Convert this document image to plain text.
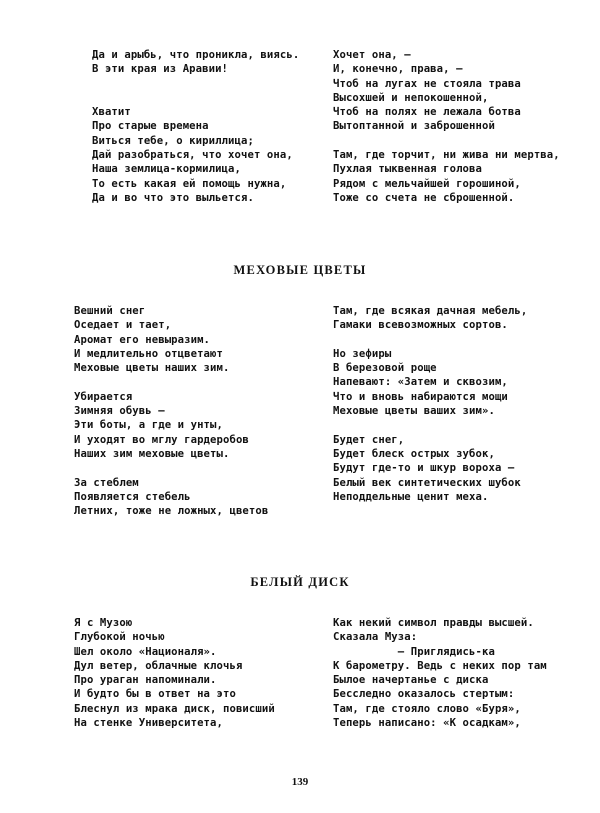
Да и арыбь, что проникла, виясь.
В эти края из Аравии!

Хватит
Про старые времена
Виться тебе, о кириллица;
Дай разобраться, что хочет она,
Наша землица-кормилица,
То есть какая ей помощь нужна,
Да и во что это выльется.
Хочет она, —
И, конечно, права, —
Чтоб на лугах не стояла трава
Высохшей и непокошенной,
Чтоб на полях не лежала ботва
Вытоптанной и заброшенной

Там, где торчит, ни жива ни мертва,
Пухлая тыквенная голова
Рядом с мельчайшей горошиной,
Тоже со счета не сброшенной.
МЕХОВЫЕ ЦВЕТЫ
Вешний снег
Оседает и тает,
Аромат его невыразим.
И медлительно отцветают
Меховые цветы наших зим.

Убирается
Зимняя обувь —
Эти боты, а где и унты,
И уходят во мглу гардеробов
Наших зим меховые цветы.

За стеблем
Появляется стебель
Летних, тоже не ложных, цветов
Там, где всякая дачная мебель,
Гамаки всевозможных сортов.

Но зефиры
В березовой роще
Напевают: «Затем и сквозим,
Что и вновь набираются мощи
Меховые цветы ваших зим».

Будет снег,
Будет блеск острых зубок,
Будут где-то и шкур ворoха —
Белый век синтетических шубок
Неподдельные ценит меха.
БЕЛЫЙ ДИСК
Я с Музою
Глубокой ночью
Шел около «Националя».
Дул ветер, облачные клочья
Про ураган напоминали.
И будто бы в ответ на это
Блеснул из мрака диск, повисший
На стенке Университета,
Как некий символ правды высшей.
Сказала Муза:
— Приглядись-ка
К барометру. Ведь с неких пор там
Былое начертанье с диска
Бесследно оказалось стертым:
Там, где стояло слово «Буря»,
Теперь написано: «К осадкам»,
139
